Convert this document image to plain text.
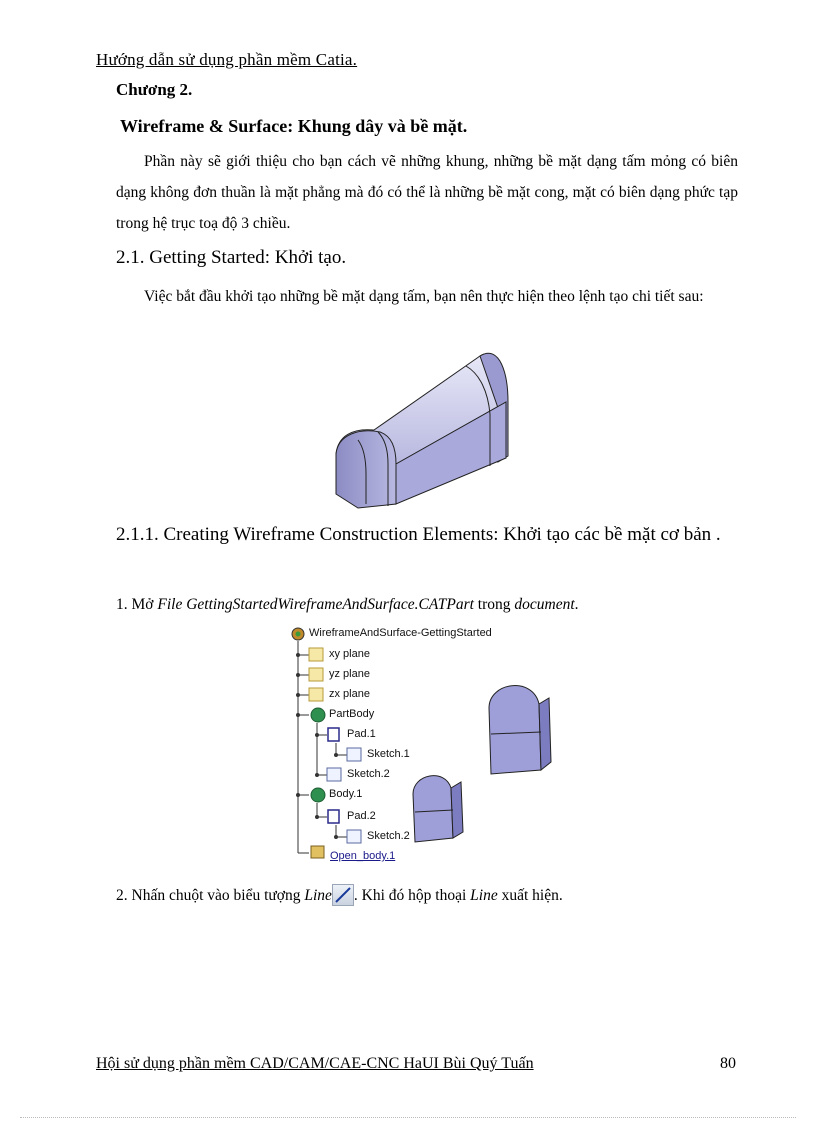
Hướng dẫn sử dụng phần mềm Catia.
Chương 2.
Wireframe & Surface: Khung dây và bề mặt.
Phần này sẽ giới thiệu cho bạn cách vẽ những khung, những bề mặt dạng tấm mỏng có biên dạng không đơn thuần là mặt phẳng mà đó có thể là những bề mặt cong, mặt có biên dạng phức tạp trong hệ trục toạ độ 3 chiều.
2.1. Getting Started: Khởi tạo.
Việc bắt đầu khởi tạo những bề mặt dạng tấm, bạn nên thực hiện theo lệnh tạo chi tiết sau:
2.1.1. Creating Wireframe Construction Elements: Khởi tạo các bề mặt cơ bản .
1. Mở File GettingStartedWireframeAndSurface.CATPart trong document.
WireframeAndSurface-GettingStarted
xy plane
yz plane
zx plane
PartBody
Pad.1
Sketch.1
Sketch.2
Body.1
Pad.2
Sketch.2
Open_body.1
2. Nhấn chuột vào biểu tượng Line . Khi đó hộp thoại Line xuất hiện.
Hội sử dụng phần mềm CAD/CAM/CAE-CNC HaUI Bùi Quý Tuấn	80
